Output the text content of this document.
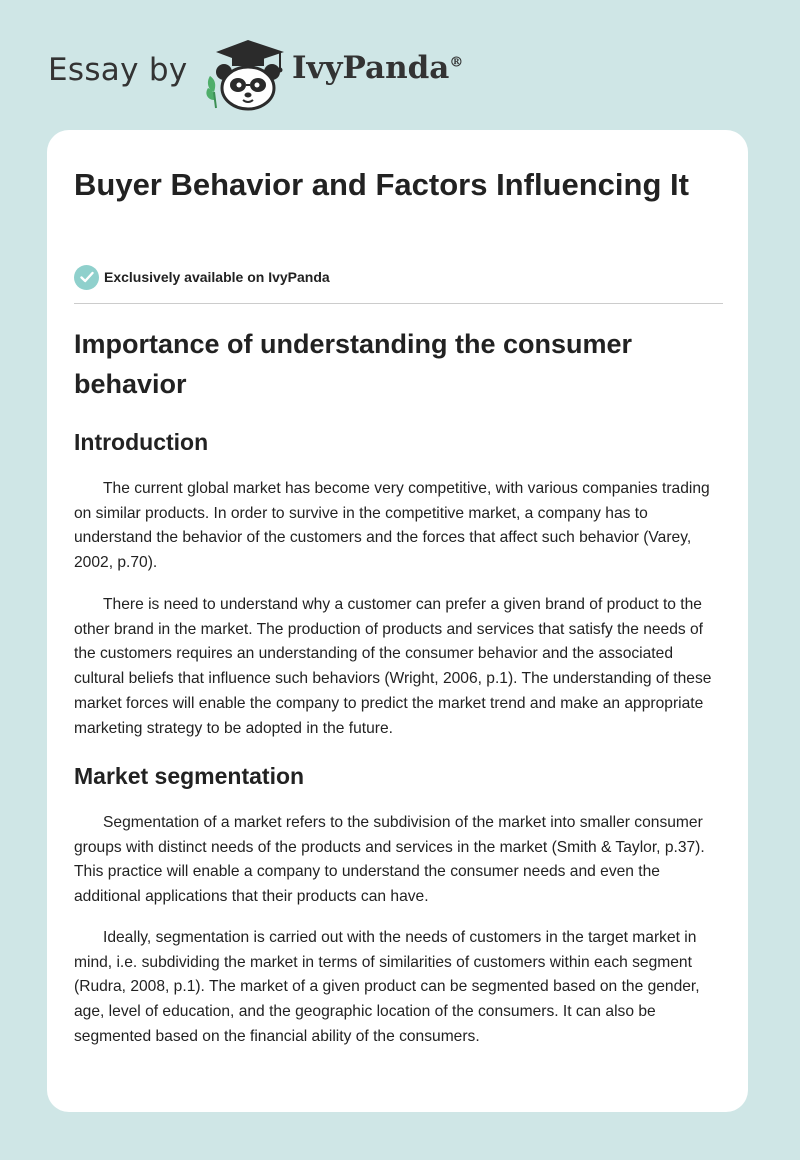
Essay by	IvyPanda®
Buyer Behavior and Factors Influencing It
Exclusively available on IvyPanda
Importance of understanding the consumer behavior
Introduction

The current global market has become very competitive, with various companies trading on similar products. In order to survive in the competitive market, a company has to understand the behavior of the customers and the forces that affect such behavior (Varey, 2002, p.70).

There is need to understand why a customer can prefer a given brand of product to the other brand in the market. The production of products and services that satisfy the needs of the customers requires an understanding of the consumer behavior and the associated cultural beliefs that influence such behaviors (Wright, 2006, p.1). The understanding of these market forces will enable the company to predict the market trend and make an appropriate marketing strategy to be adopted in the future.

Market segmentation

Segmentation of a market refers to the subdivision of the market into smaller consumer groups with distinct needs of the products and services in the market (Smith & Taylor, p.37). This practice will enable a company to understand the consumer needs and even the additional applications that their products can have.

Ideally, segmentation is carried out with the needs of customers in the target market in mind, i.e. subdividing the market in terms of similarities of customers within each segment (Rudra, 2008, p.1). The market of a given product can be segmented based on the gender, age, level of education, and the geographic location of the consumers. It can also be segmented based on the financial ability of the consumers.
